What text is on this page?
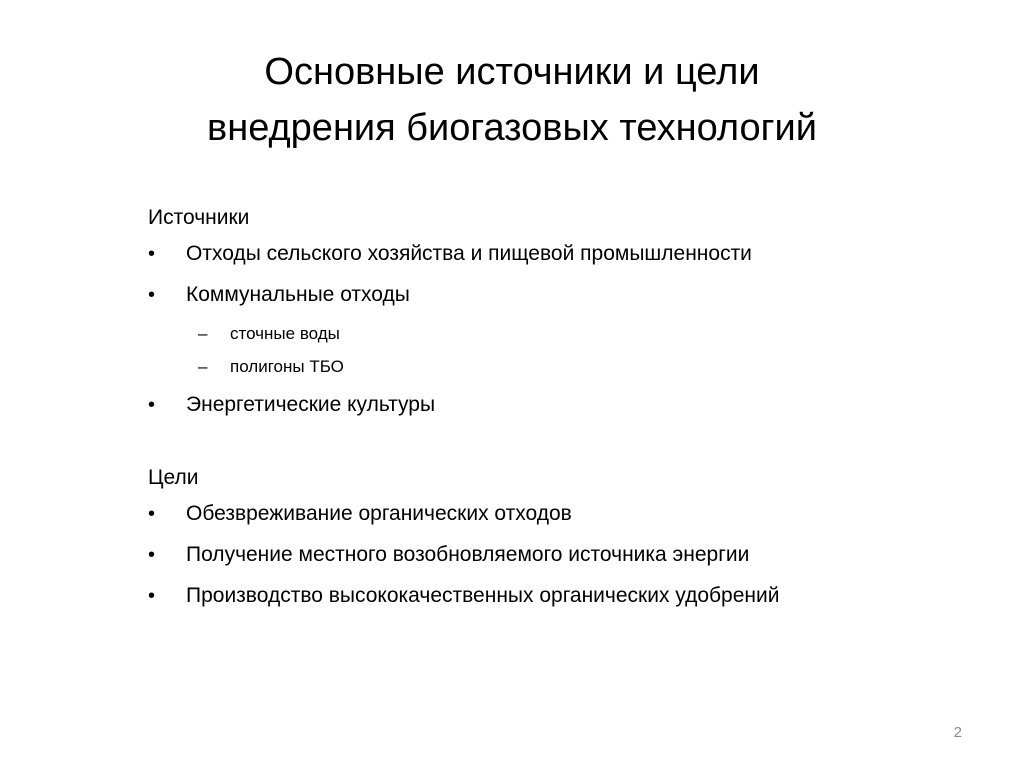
Основные источники и цели
внедрения биогазовых технологий

Источники

• Отходы сельского хозяйства и пищевой промышленности
• Коммунальные отходы
– сточные воды
– полигоны ТБО
• Энергетические культуры

Цели

• Обезвреживание органических отходов
• Получение местного возобновляемого источника энергии
• Производство высококачественных органических удобрений
2
